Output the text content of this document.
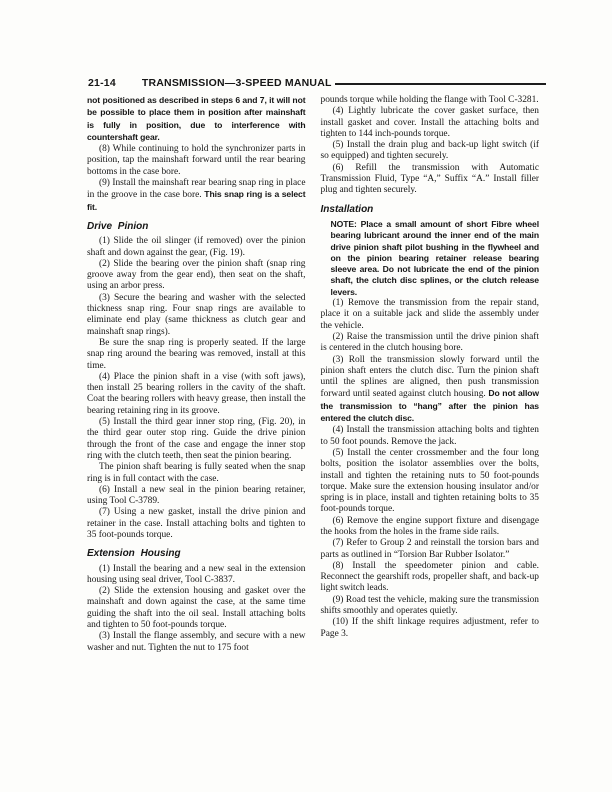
21-14 TRANSMISSION—3-SPEED MANUAL

not positioned as described in steps 6 and 7, it will not be possible to place them in position after mainshaft is fully in position, due to interference with countershaft gear.

(8) While continuing to hold the synchronizer parts in position, tap the mainshaft forward until the rear bearing bottoms in the case bore.

(9) Install the mainshaft rear bearing snap ring in place in the groove in the case bore. This snap ring is a select fit.

Drive Pinion

(1) Slide the oil slinger (if removed) over the pinion shaft and down against the gear, (Fig. 19).

(2) Slide the bearing over the pinion shaft (snap ring groove away from the gear end), then seat on the shaft, using an arbor press.

(3) Secure the bearing and washer with the selected thickness snap ring. Four snap rings are available to eliminate end play (same thickness as clutch gear and mainshaft snap rings).

Be sure the snap ring is properly seated. If the large snap ring around the bearing was removed, install at this time.

(4) Place the pinion shaft in a vise (with soft jaws), then install 25 bearing rollers in the cavity of the shaft. Coat the bearing rollers with heavy grease, then install the bearing retaining ring in its groove.

(5) Install the third gear inner stop ring, (Fig. 20), in the third gear outer stop ring. Guide the drive pinion through the front of the case and engage the inner stop ring with the clutch teeth, then seat the pinion bearing.

The pinion shaft bearing is fully seated when the snap ring is in full contact with the case.

(6) Install a new seal in the pinion bearing retainer, using Tool C-3789.

(7) Using a new gasket, install the drive pinion and retainer in the case. Install attaching bolts and tighten to 35 foot-pounds torque.

Extension Housing

(1) Install the bearing and a new seal in the extension housing using seal driver, Tool C-3837.

(2) Slide the extension housing and gasket over the mainshaft and down against the case, at the same time guiding the shaft into the oil seal. Install attaching bolts and tighten to 50 foot-pounds torque.

(3) Install the flange assembly, and secure with a new washer and nut. Tighten the nut to 175 foot

pounds torque while holding the flange with Tool C-3281.

(4) Lightly lubricate the cover gasket surface, then install gasket and cover. Install the attaching bolts and tighten to 144 inch-pounds torque.

(5) Install the drain plug and back-up light switch (if so equipped) and tighten securely.

(6) Refill the transmission with Automatic Transmission Fluid, Type “A,” Suffix “A.” Install filler plug and tighten securely.

Installation

NOTE: Place a small amount of short Fibre wheel bearing lubricant around the inner end of the main drive pinion shaft pilot bushing in the flywheel and on the pinion bearing retainer release bearing sleeve area. Do not lubricate the end of the pinion shaft, the clutch disc splines, or the clutch release levers.

(1) Remove the transmission from the repair stand, place it on a suitable jack and slide the assembly under the vehicle.

(2) Raise the transmission until the drive pinion shaft is centered in the clutch housing bore.

(3) Roll the transmission slowly forward until the pinion shaft enters the clutch disc. Turn the pinion shaft until the splines are aligned, then push transmission forward until seated against clutch housing. Do not allow the transmission to “hang” after the pinion has entered the clutch disc.

(4) Install the transmission attaching bolts and tighten to 50 foot pounds. Remove the jack.

(5) Install the center crossmember and the four long bolts, position the isolator assemblies over the bolts, install and tighten the retaining nuts to 50 foot-pounds torque. Make sure the extension housing insulator and/or spring is in place, install and tighten retaining bolts to 35 foot-pounds torque.

(6) Remove the engine support fixture and disengage the hooks from the holes in the frame side rails.

(7) Refer to Group 2 and reinstall the torsion bars and parts as outlined in “Torsion Bar Rubber Isolator.”

(8) Install the speedometer pinion and cable. Reconnect the gearshift rods, propeller shaft, and back-up light switch leads.

(9) Road test the vehicle, making sure the transmission shifts smoothly and operates quietly.

(10) If the shift linkage requires adjustment, refer to Page 3.
